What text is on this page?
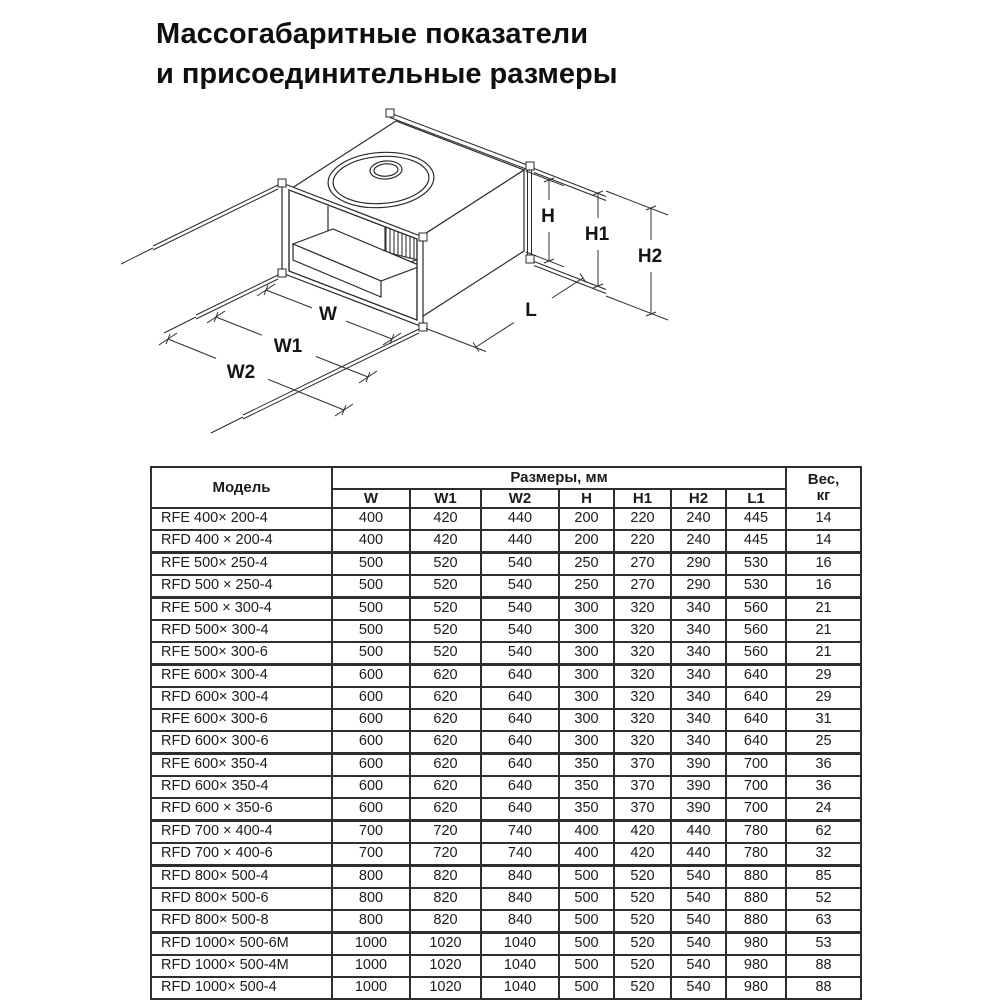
Массогабаритные показатели
и присоединительные размеры
W
W1
W2
H
H1
H2
L
Модель	Размеры, мм							Вес,
кг

	W	W1	W2	H	H1	H2	L1	
RFE 400× 200-4	400	420	440	200	220	240	445	14
RFD 400 × 200-4	400	420	440	200	220	240	445	14
RFE 500× 250-4	500	520	540	250	270	290	530	16
RFD 500 × 250-4	500	520	540	250	270	290	530	16
RFE 500 × 300-4	500	520	540	300	320	340	560	21
RFD 500× 300-4	500	520	540	300	320	340	560	21
RFE 500× 300-6	500	520	540	300	320	340	560	21
RFE 600× 300-4	600	620	640	300	320	340	640	29
RFD 600× 300-4	600	620	640	300	320	340	640	29
RFE 600× 300-6	600	620	640	300	320	340	640	31
RFD 600× 300-6	600	620	640	300	320	340	640	25
RFE 600× 350-4	600	620	640	350	370	390	700	36
RFD 600× 350-4	600	620	640	350	370	390	700	36
RFD 600 × 350-6	600	620	640	350	370	390	700	24
RFD 700 × 400-4	700	720	740	400	420	440	780	62
RFD 700 × 400-6	700	720	740	400	420	440	780	32
RFD 800× 500-4	800	820	840	500	520	540	880	85
RFD 800× 500-6	800	820	840	500	520	540	880	52
RFD 800× 500-8	800	820	840	500	520	540	880	63
RFD 1000× 500-6M	1000	1020	1040	500	520	540	980	53
RFD 1000× 500-4M	1000	1020	1040	500	520	540	980	88
RFD 1000× 500-4	1000	1020	1040	500	520	540	980	88
